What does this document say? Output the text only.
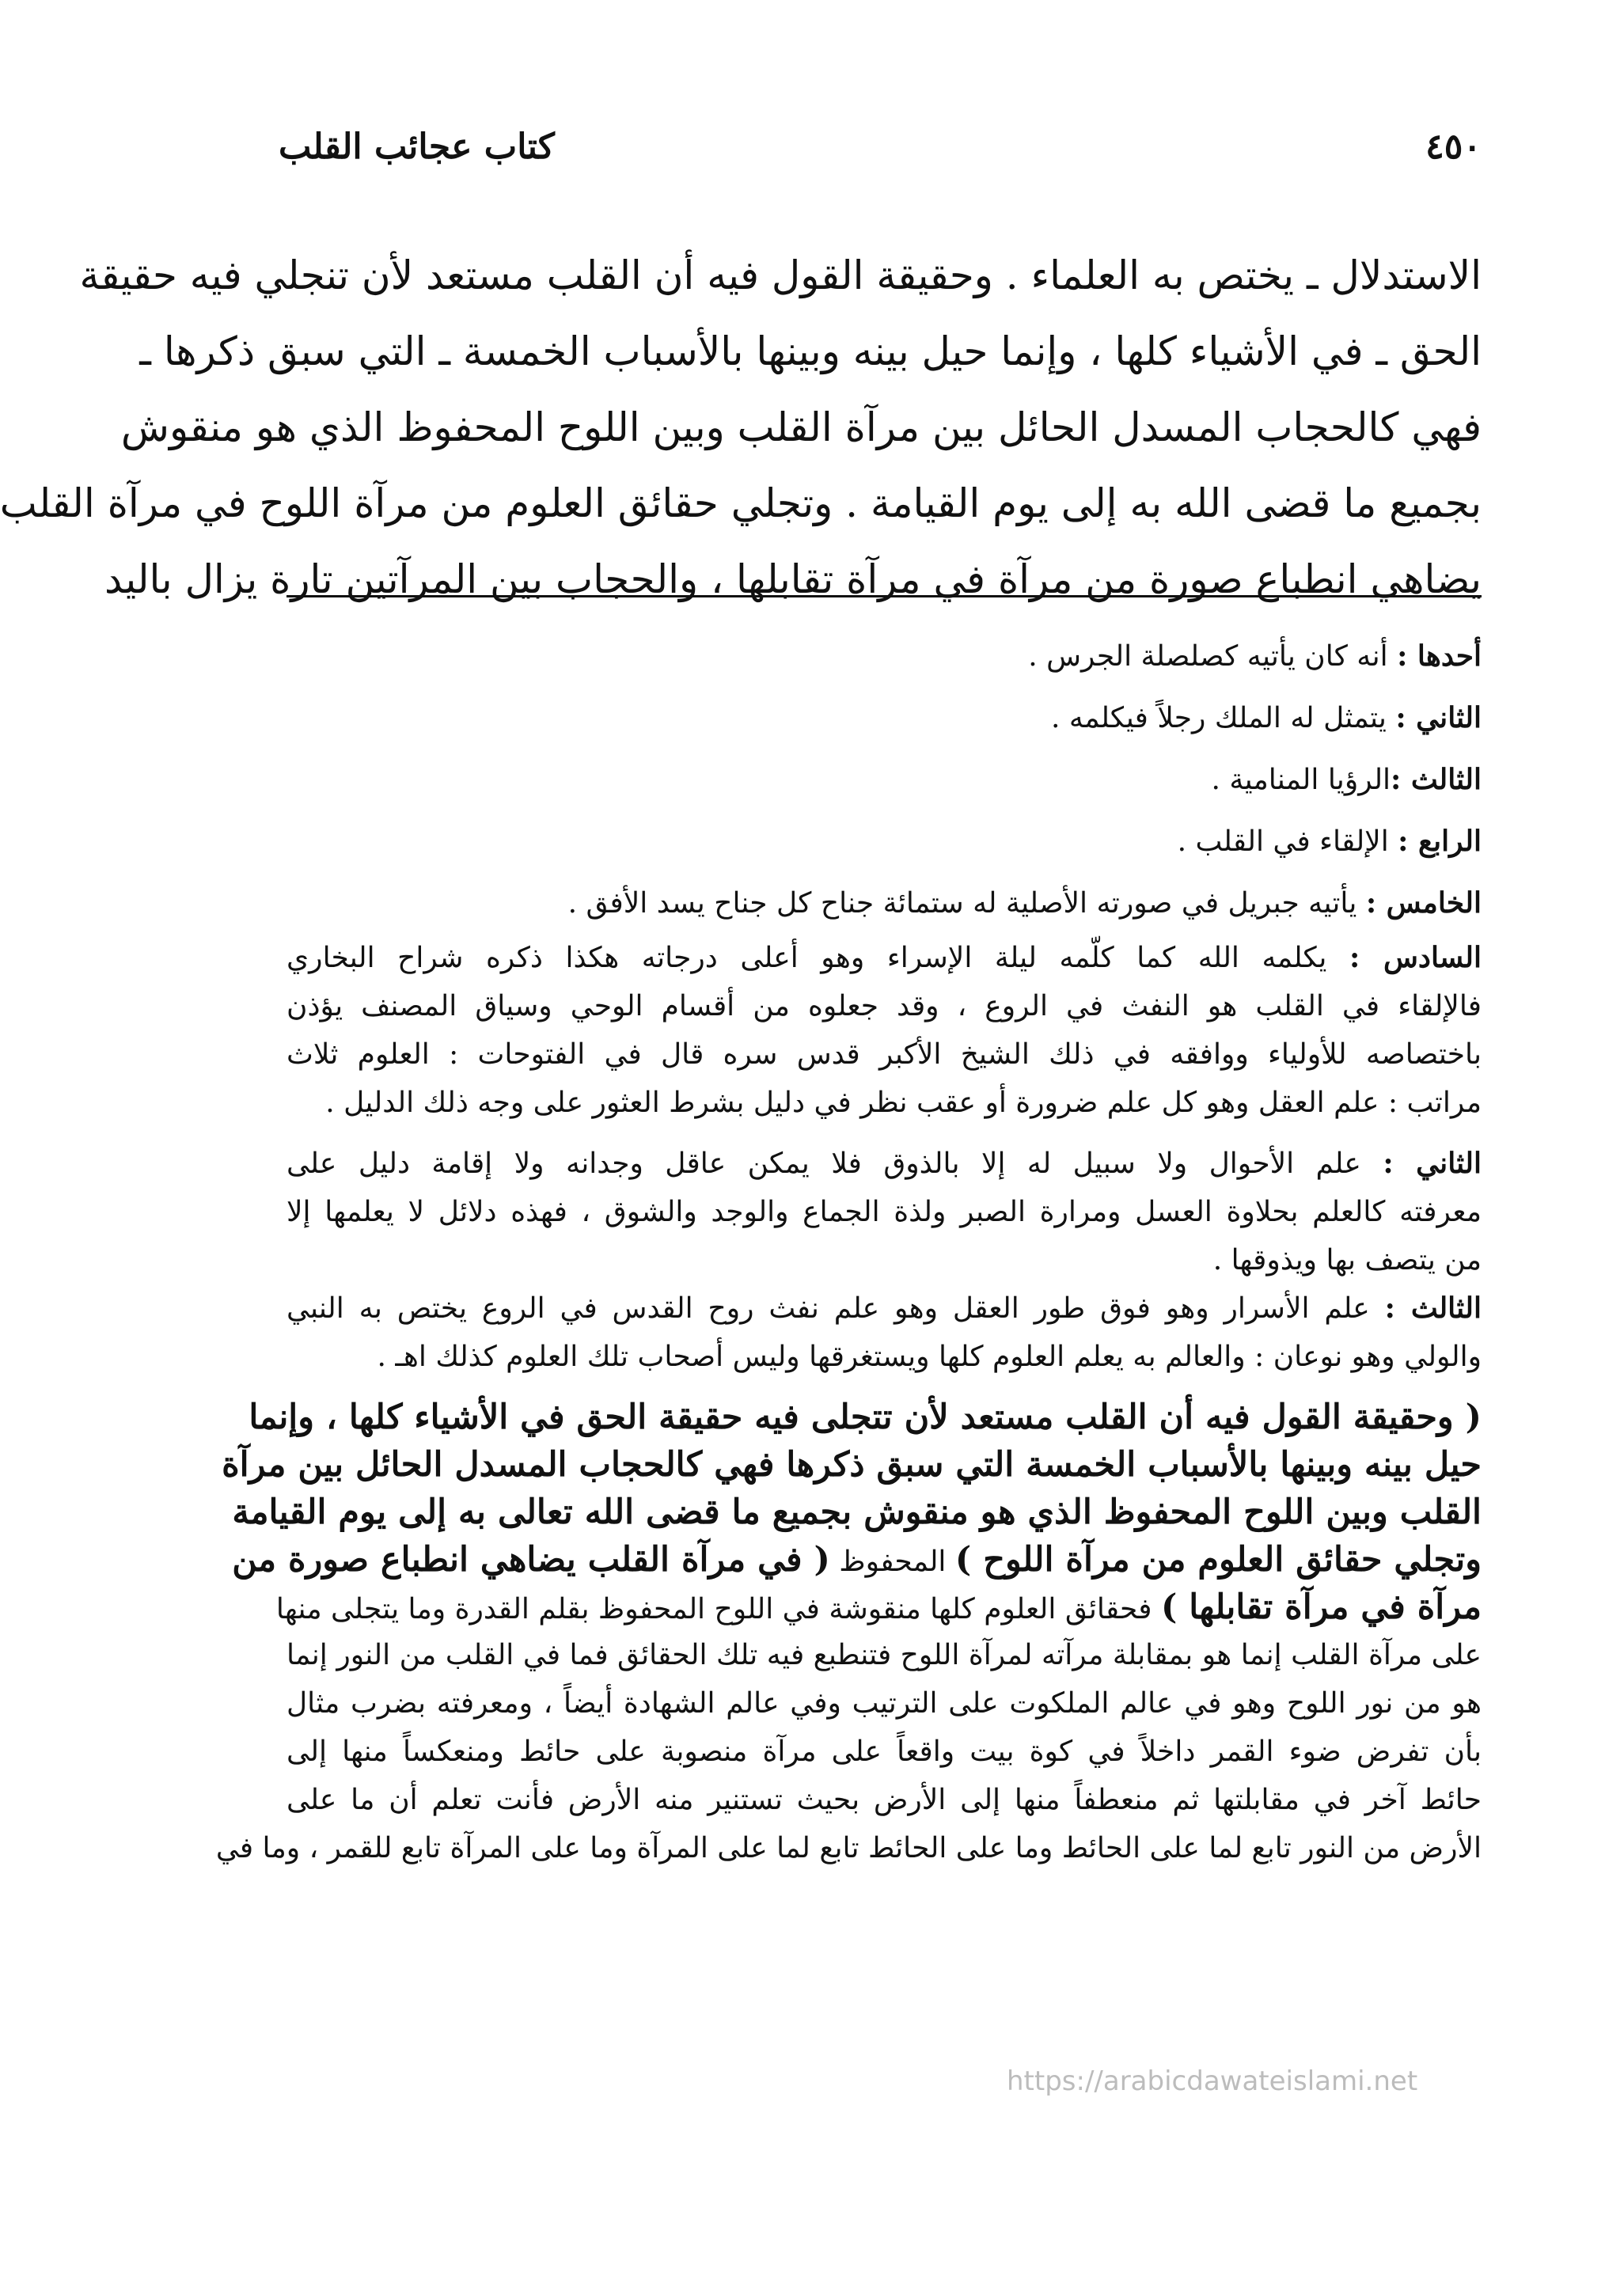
كتاب عجائب القلب	٤٥٠
الاستدلال ـ يختص به العلماء . وحقيقة القول فيه أن القلب مستعد لأن تنجلي فيه حقيقة
الحق ـ في الأشياء كلها ، وإنما حيل بينه وبينها بالأسباب الخمسة ـ التي سبق ذكرها ـ
فهي كالحجاب المسدل الحائل بين مرآة القلب وبين اللوح المحفوظ الذي هو منقوش
بجميع ما قضى الله به إلى يوم القيامة . وتجلي حقائق العلوم من مرآة اللوح في مرآة القلب
يضاهي انطباع صورة من مرآة في مرآة تقابلها ، والحجاب بين المرآتين تارة يزال باليد
أحدها : أنه كان يأتيه كصلصلة الجرس .
الثاني : يتمثل له الملك رجلاً فيكلمه .
الثالث :الرؤيا المنامية .
الرابع : الإلقاء في القلب .
الخامس : يأتيه جبريل في صورته الأصلية له ستمائة جناح كل جناح يسد الأفق .
السادس : يكلمه الله كما كلّمه ليلة الإسراء وهو أعلى درجاته هكذا ذكره شراح البخاري
فالإلقاء في القلب هو النفث في الروع ، وقد جعلوه من أقسام الوحي وسياق المصنف يؤذن
باختصاصه للأولياء ووافقه في ذلك الشيخ الأكبر قدس سره قال في الفتوحات : العلوم ثلاث
مراتب : علم العقل وهو كل علم ضرورة أو عقب نظر في دليل بشرط العثور على وجه ذلك الدليل .
الثاني : علم الأحوال ولا سبيل له إلا بالذوق فلا يمكن عاقل وجدانه ولا إقامة دليل على
معرفته كالعلم بحلاوة العسل ومرارة الصبر ولذة الجماع والوجد والشوق ، فهذه دلائل لا يعلمها إلا
من يتصف بها ويذوقها .
الثالث : علم الأسرار وهو فوق طور العقل وهو علم نفث روح القدس في الروع يختص به النبي
والولي وهو نوعان : والعالم به يعلم العلوم كلها ويستغرقها وليس أصحاب تلك العلوم كذلك اهـ .
( وحقيقة القول فيه أن القلب مستعد لأن تتجلى فيه حقيقة الحق في الأشياء كلها ، وإنما
حيل بينه وبينها بالأسباب الخمسة التي سبق ذكرها فهي كالحجاب المسدل الحائل بين مرآة
القلب وبين اللوح المحفوظ الذي هو منقوش بجميع ما قضى الله تعالى به إلى يوم القيامة
وتجلي حقائق العلوم من مرآة اللوح ) المحفوظ ( في مرآة القلب يضاهي انطباع صورة من
مرآة في مرآة تقابلها ) فحقائق العلوم كلها منقوشة في اللوح المحفوظ بقلم القدرة وما يتجلى منها
على مرآة القلب إنما هو بمقابلة مرآته لمرآة اللوح فتنطبع فيه تلك الحقائق فما في القلب من النور إنما
هو من نور اللوح وهو في عالم الملكوت على الترتيب وفي عالم الشهادة أيضاً ، ومعرفته بضرب مثال
بأن تفرض ضوء القمر داخلاً في كوة بيت واقعاً على مرآة منصوبة على حائط ومنعكساً منها إلى
حائط آخر في مقابلتها ثم منعطفاً منها إلى الأرض بحيث تستنير منه الأرض فأنت تعلم أن ما على
الأرض من النور تابع لما على الحائط وما على الحائط تابع لما على المرآة وما على المرآة تابع للقمر ، وما في
https://arabicdawateislami.net
